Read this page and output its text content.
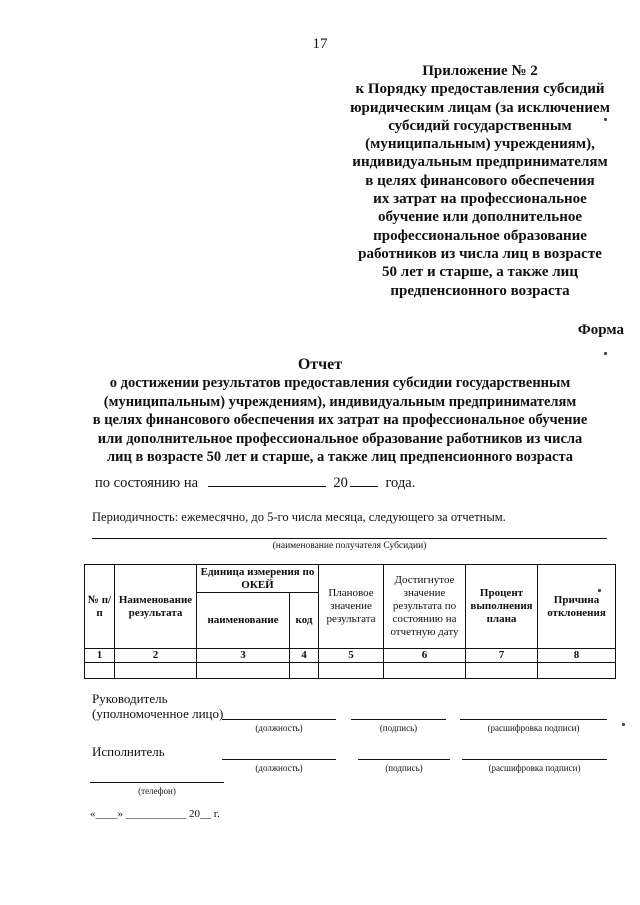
17
Приложение № 2
к Порядку предоставления субсидий
юридическим лицам (за исключением
субсидий государственным
(муниципальным) учреждениям),
индивидуальным предпринимателям
в целях финансового обеспечения
их затрат на профессиональное
обучение или дополнительное
профессиональное образование
работников из числа лиц в возрасте
50 лет и старше, а также лиц
предпенсионного возраста
Форма
Отчет
о достижении результатов предоставления субсидии государственным
(муниципальным) учреждениям), индивидуальным предпринимателям
в целях финансового обеспечения их затрат на профессиональное обучение
или дополнительное профессиональное образование работников из числа
лиц в возрасте 50 лет и старше, а также лиц предпенсионного возраста
по состоянию на	20	года.
Периодичность: ежемесячно, до 5-го числа месяца, следующего за отчетным.
(наименование получателя Субсидии)
№ п/п	Наименование результата	Единица измерения по ОКЕЙ		Плановое значение результата	Достигнутое значение результата по состоянию на отчетную дату	Процент выполнения плана	Причина отклонения
		наименование	код				
1	2	3	4	5	6	7	8

Руководитель
(уполномоченное лицо)
(должность)	(подпись)	(расшифровка подписи)
Исполнитель
(должность)	(подпись)	(расшифровка подписи)
(телефон)
«____» ___________ 20__ г.
